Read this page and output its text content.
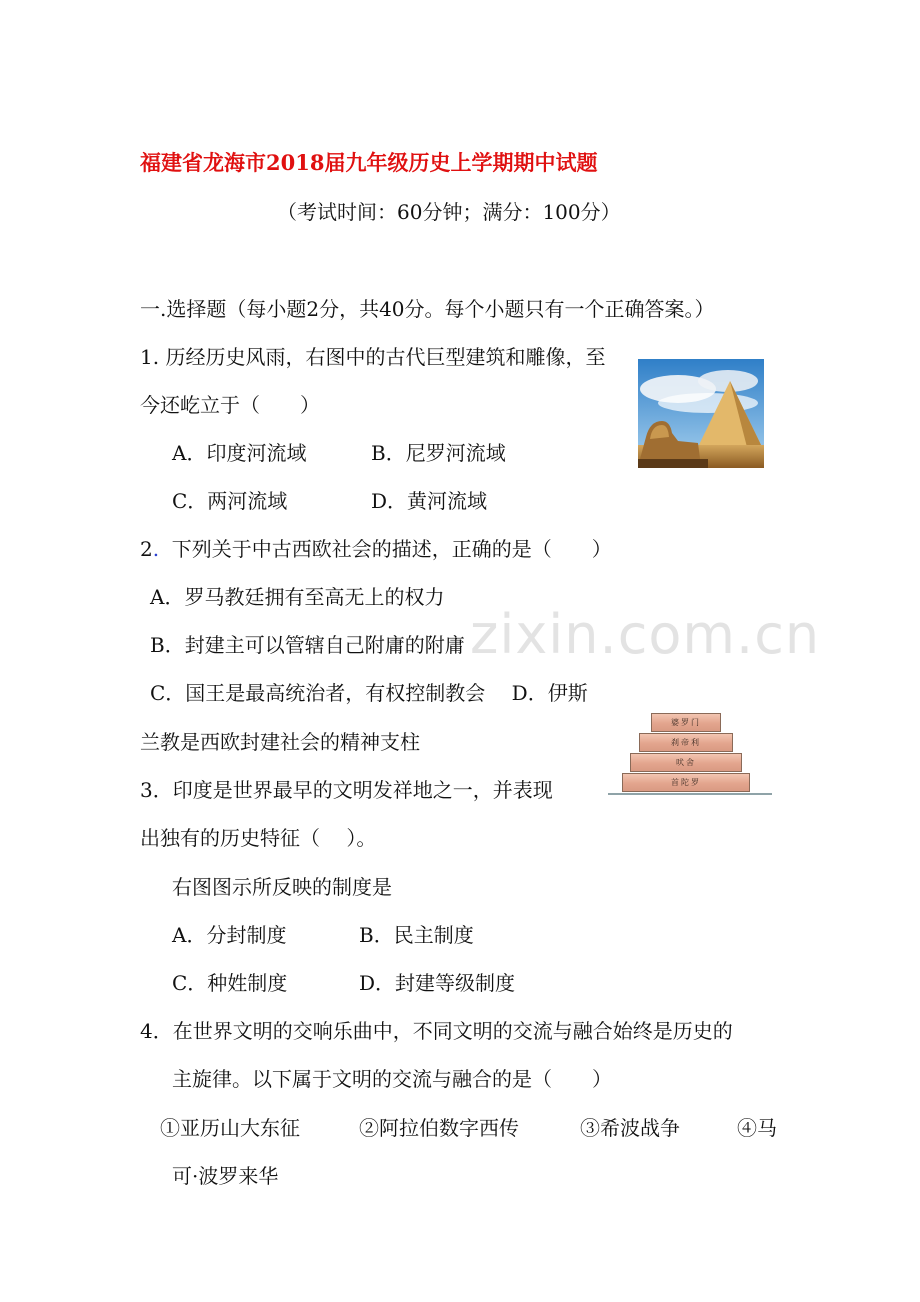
zixin.com.cn
福建省龙海市2018届九年级历史上学期期中试题
（考试时间：60分钟；满分：100分）
一.选择题（每小题2分，共40分。每个小题只有一个正确答案。）
1. 历经历史风雨，右图中的古代巨型建筑和雕像，至
今还屹立于（　　）
A．印度河流域	B．尼罗河流域
C．两河流域	D．黄河流域
2.  下列关于中古西欧社会的描述，正确的是（　　）
A．罗马教廷拥有至高无上的权力
B．封建主可以管辖自己附庸的附庸
C．国王是最高统治者，有权控制教会　 D．伊斯
兰教是西欧封建社会的精神支柱
婆罗门
刹帝利
吠舍
首陀罗
3．印度是世界最早的文明发祥地之一，并表现
出独有的历史特征（　 ）。
右图图示所反映的制度是
A．分封制度	B．民主制度
C．种姓制度	D．封建等级制度
4．在世界文明的交响乐曲中，不同文明的交流与融合始终是历史的
主旋律。以下属于文明的交流与融合的是（　　）
①亚历山大东征	②阿拉伯数字西传	③希波战争	④马
可·波罗来华
